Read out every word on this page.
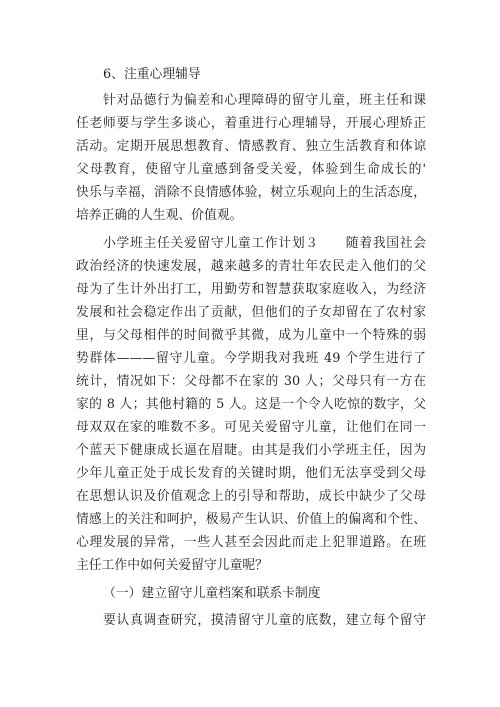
6、注重心理辅导
针对品德行为偏差和心理障碍的留守儿童，班主任和课
任老师要与学生多谈心，着重进行心理辅导，开展心理矫正
活动。定期开展思想教育、情感教育、独立生活教育和体谅
父母教育，使留守儿童感到备受关爱，体验到生命成长的'
快乐与幸福，消除不良情感体验，树立乐观向上的生活态度，
培养正确的人生观、价值观。
小学班主任关爱留守儿童工作计划３　　随着我国社会
政治经济的快速发展，越来越多的青壮年农民走入他们的父
母为了生计外出打工，用勤劳和智慧获取家庭收入，为经济
发展和社会稳定作出了贡献，但他们的子女却留在了农村家
里，与父母相伴的时间微乎其微，成为儿童中一个特殊的弱
势群体———留守儿童。今学期我对我班 49 个学生进行了
统计，情况如下：父母都不在家的 30 人；父母只有一方在
家的 8 人；其他村籍的 5 人。这是一个令人吃惊的数字，父
母双双在家的唯数不多。可见关爱留守儿童，让他们在同一
个蓝天下健康成长逼在眉睫。由其是我们小学班主任，因为
少年儿童正处于成长发育的关键时期，他们无法享受到父母
在思想认识及价值观念上的引导和帮助，成长中缺少了父母
情感上的关注和呵护，极易产生认识、价值上的偏离和个性、
心理发展的异常，一些人甚至会因此而走上犯罪道路。在班
主任工作中如何关爱留守儿童呢？
（一）建立留守儿童档案和联系卡制度
要认真调查研究，摸清留守儿童的底数，建立每个留守
